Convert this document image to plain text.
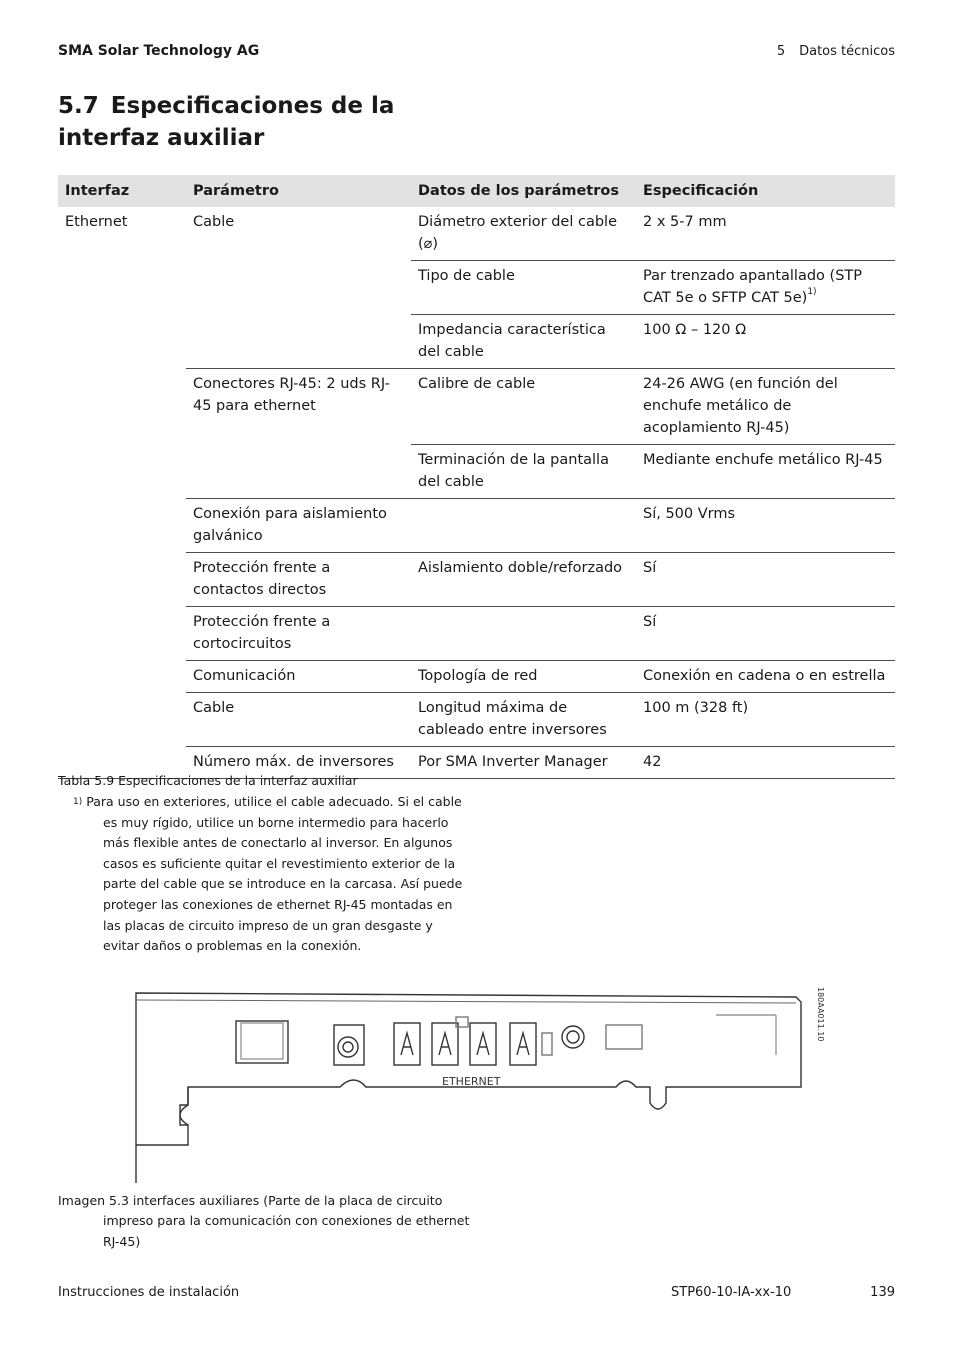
SMA Solar Technology AG	5 Datos técnicos
5.7 Especificaciones de la interfaz auxiliar
Interfaz	Parámetro	Datos de los parámetros	Especificación
Ethernet	Cable	Diámetro exterior del cable (⌀)	2 x 5-7 mm
		Tipo de cable	Par trenzado apantallado (STP CAT 5e o SFTP CAT 5e)$^{1)}$
		Impedancia característica del cable	100 Ω – 120 Ω
	Conectores RJ-45: 2 uds RJ-45 para ethernet	Calibre de cable	24-26 AWG (en función del enchufe metálico de acoplamiento RJ-45)
		Terminación de la pantalla del cable	Mediante enchufe metálico RJ-45
	Conexión para aislamiento galvánico		Sí, 500 Vrms
	Protección frente a contactos directos	Aislamiento doble/reforzado	Sí
	Protección frente a cortocircuitos		Sí
	Comunicación	Topología de red	Conexión en cadena o en estrella
	Cable	Longitud máxima de cableado entre inversores	100 m (328 ft)
	Número máx. de inversores	Por SMA Inverter Manager	42
Tabla 5.9 Especificaciones de la interfaz auxiliar
$^{1)}$ Para uso en exteriores, utilice el cable adecuado. Si el cable es muy rígido, utilice un borne intermedio para hacerlo más flexible antes de conectarlo al inversor. En algunos casos es suficiente quitar el revestimiento exterior de la parte del cable que se introduce en la carcasa. Así puede proteger las conexiones de ethernet RJ-45 montadas en las placas de circuito impreso de un gran desgaste y evitar daños o problemas en la conexión.
ETHERNET
180AA011.10
Imagen 5.3 interfaces auxiliares (Parte de la placa de circuito
impreso para la comunicación con conexiones de ethernet RJ-45)
Instrucciones de instalación	STP60-10-IA-xx-10	139
